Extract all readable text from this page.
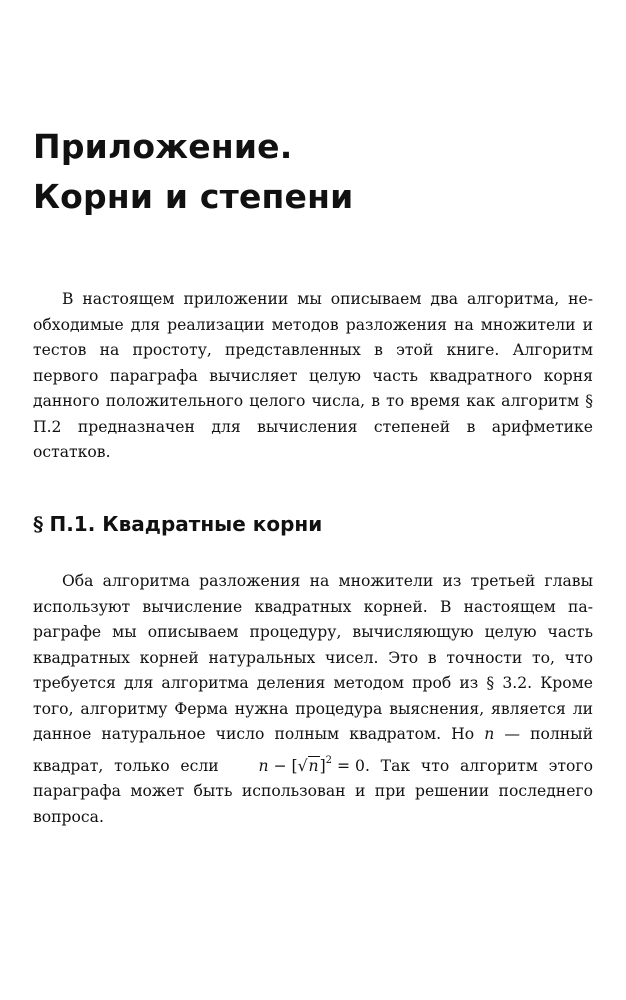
Приложение.
Корни и степени

В настоящем приложении мы описываем два алгоритма, необходимые для реализации методов разложения на множители и тестов на простоту, представленных в этой книге. Алгоритм первого параграфа вычисляет целую часть квадратного корня данного положительного целого числа, в то время как алгоритм § П.2 предназначен для вычисления степеней в арифметике остатков.

§ П.1. Квадратные корни

Оба алгоритма разложения на множители из третьей главы используют вычисление квадратных корней. В настоящем параграфе мы описываем процедуру, вычисляющую целую часть квадратных корней натуральных чисел. Это в точности то, что требуется для алгоритма деления методом проб из § 3.2. Кроме того, алгоритму Ферма нужна процедура выяснения, является ли данное натуральное число полным квадратом. Но n — полный квадрат, только если $n - [√n]^2 = 0$. Так что алгоритм этого параграфа может быть использован и при решении последнего вопроса.
